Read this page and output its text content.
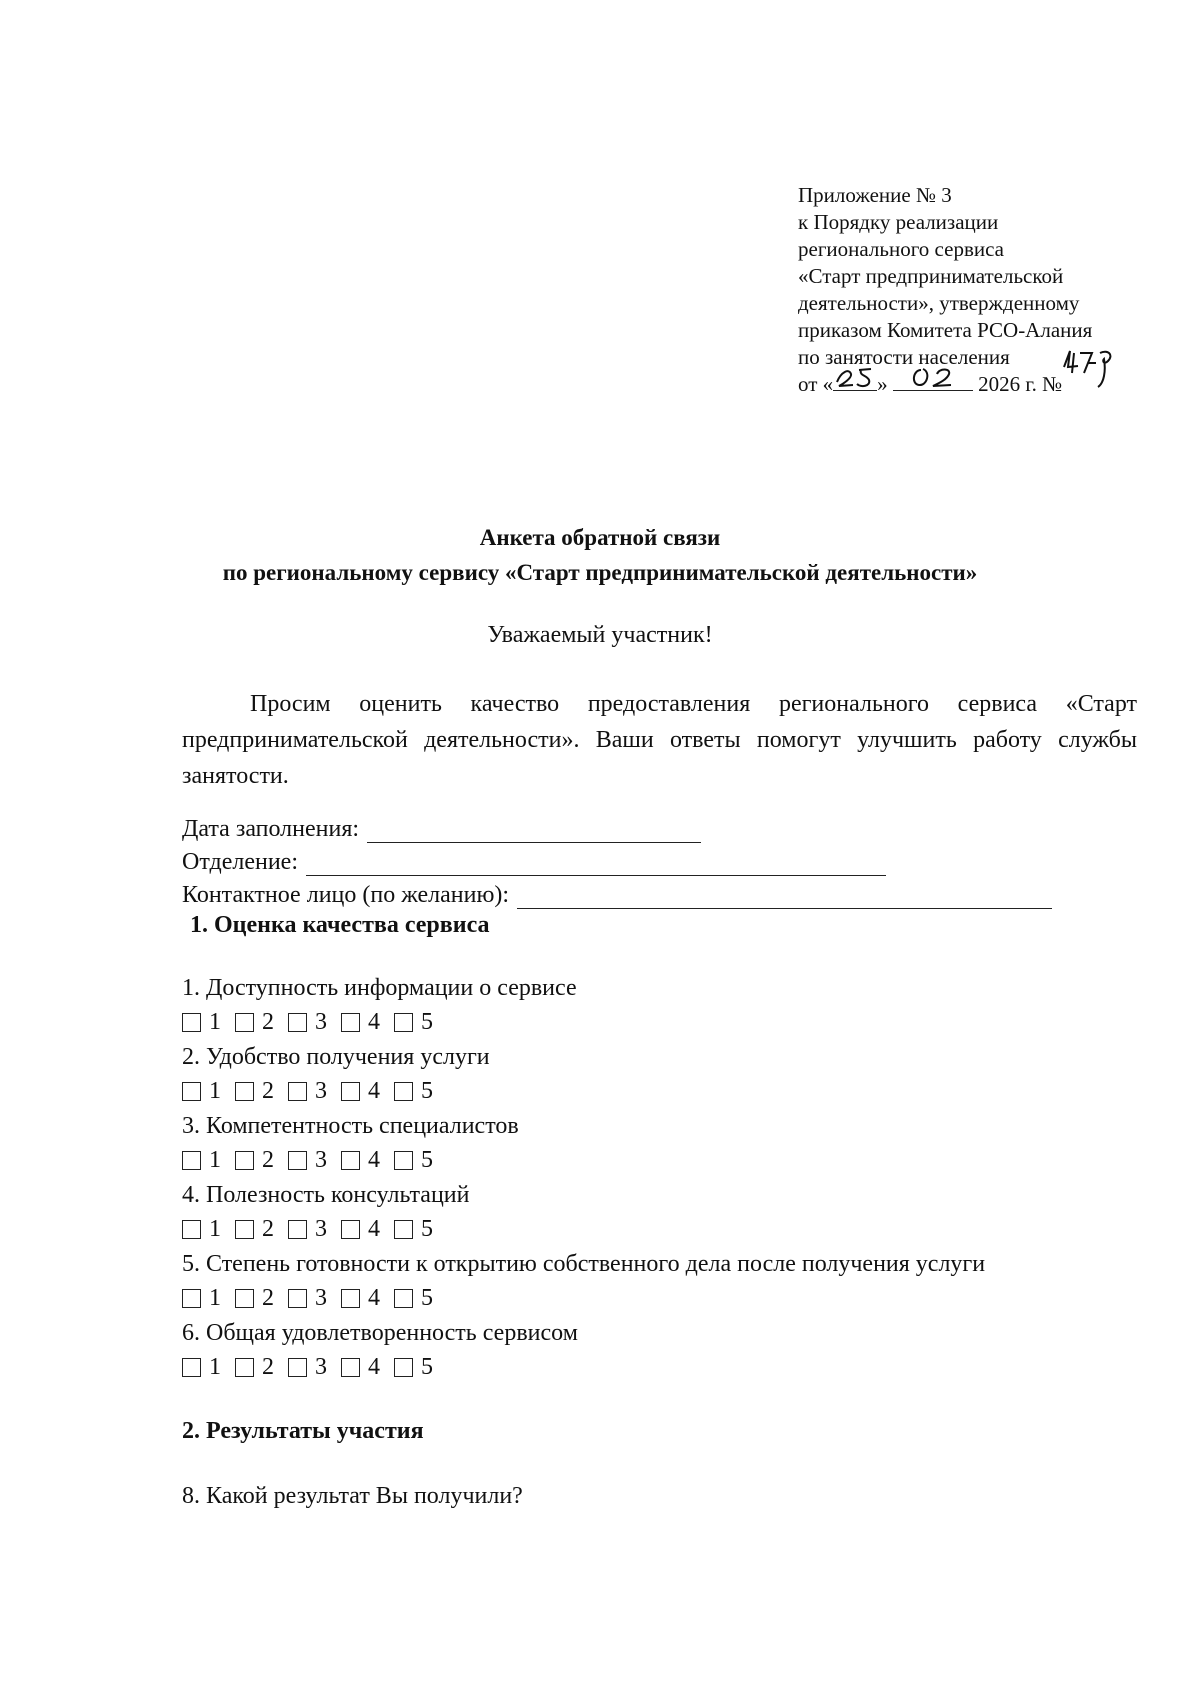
Приложение № 3
к Порядку реализации
регионального сервиса
«Старт предпринимательской
деятельности», утвержденному
приказом Комитета РСО-Алания
по занятости населения
от « »	2026 г. №
Анкета обратной связи
по региональному сервису «Старт предпринимательской деятельности»
Уважаемый участник!
Просим оценить качество предоставления регионального сервиса «Старт предпринимательской деятельности». Ваши ответы помогут улучшить работу службы занятости.
Дата заполнения:
Отделение:
Контактное лицо (по желанию):
1. Оценка качества сервиса
1. Доступность информации о сервисе
1 2 3 4 5
2. Удобство получения услуги
1 2 3 4 5
3. Компетентность специалистов
1 2 3 4 5
4. Полезность консультаций
1 2 3 4 5
5. Степень готовности к открытию собственного дела после получения услуги
1 2 3 4 5
6. Общая удовлетворенность сервисом
1 2 3 4 5
2. Результаты участия
8. Какой результат Вы получили?
